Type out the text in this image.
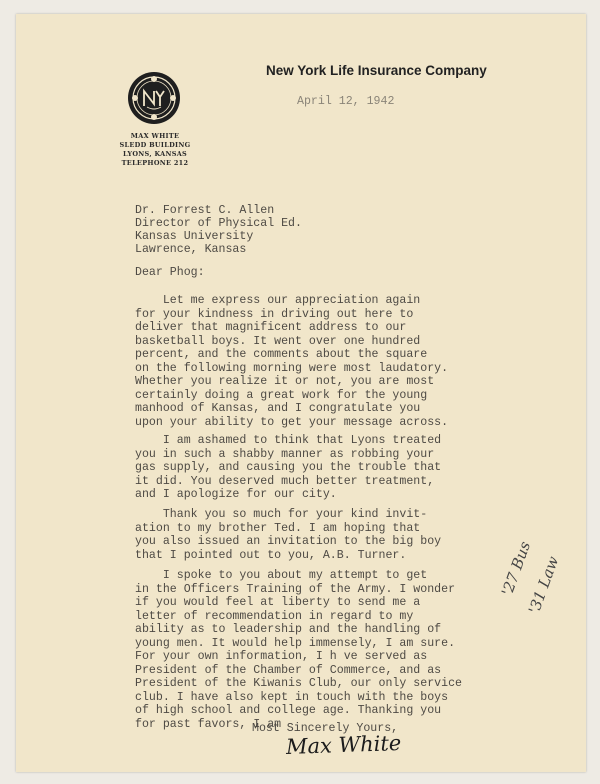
MAX WHITE
SLEDD BUILDING
LYONS, KANSAS
TELEPHONE 212
New York Life Insurance Company
April 12, 1942
Dr. Forrest C. Allen
Director of Physical Ed.
Kansas University
Lawrence, Kansas
Dear Phog:
Let me express our appreciation again
for your kindness in driving out here to
deliver that magnificent address to our
basketball boys. It went over one hundred
percent, and the comments about the square
on the following morning were most laudatory.
Whether you realize it or not, you are most
certainly doing a great work for the young
manhood of Kansas, and I congratulate you
upon your ability to get your message across.
I am ashamed to think that Lyons treated
you in such a shabby manner as robbing your
gas supply, and causing you the trouble that
it did. You deserved much better treatment,
and I apologize for our city.
Thank you so much for your kind invit-
ation to my brother Ted. I am hoping that
you also issued an invitation to the big boy
that I pointed out to you, A.B. Turner.
I spoke to you about my attempt to get
in the Officers Training of the Army. I wonder
if you would feel at liberty to send me a
letter of recommendation in regard to my
ability as to leadership and the handling of
young men. It would help immensely, I am sure.
For your own information, I h ve served as
President of the Chamber of Commerce, and as
President of the Kiwanis Club, our only service
club. I have also kept in touch with the boys
of high school and college age. Thanking you
for past favors, I am
Most Sincerely Yours,
Max White
'27 Bus
'31 Law
